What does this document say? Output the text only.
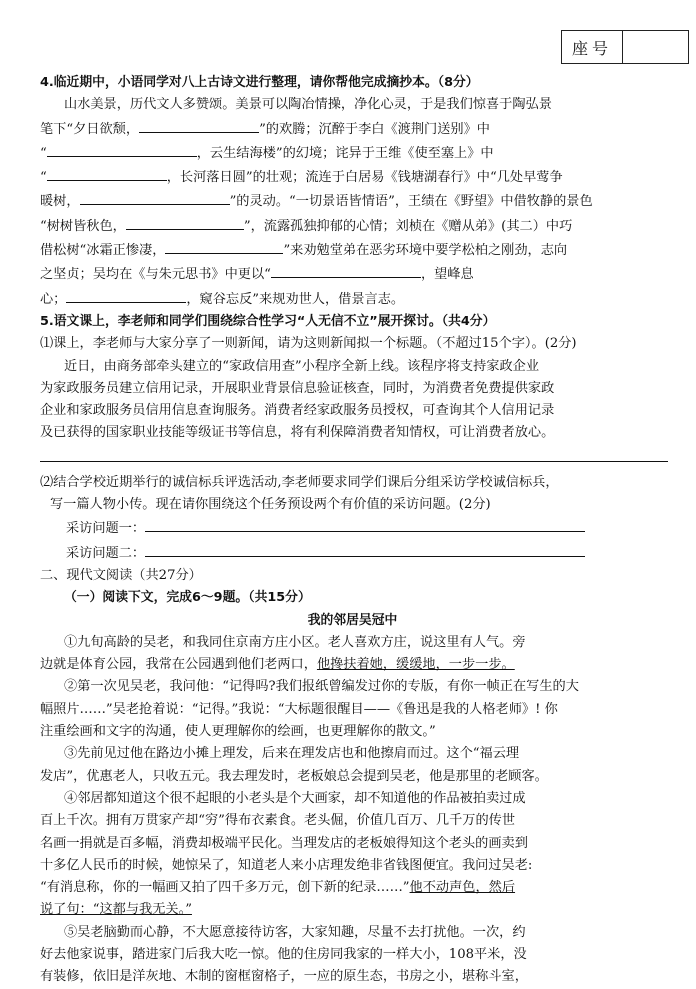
座号
4.临近期中，小语同学对八上古诗文进行整理，请你帮他完成摘抄本。（8分）
山水美景，历代文人多赞颂。美景可以陶冶情操，净化心灵，于是我们惊喜于陶弘景
笔下“夕日欲颓，	”的欢腾；沉醉于李白《渡荆门送别》中
“	，云生结海楼”的幻境；诧异于王维《使至塞上》中
“	，长河落日圆”的壮观；流连于白居易《钱塘湖春行》中“几处早莺争
暖树，	”的灵动。“一切景语皆情语”，王绩在《野望》中借牧静的景色
“树树皆秋色，	”，流露孤独抑郁的心情；刘桢在《赠从弟》(其二）中巧
借松树“冰霜正惨凄，	”来劝勉堂弟在恶劣环境中要学松柏之刚劲，志向
之坚贞；吴均在《与朱元思书》中更以“	，望峰息
心；	，窥谷忘反”来规劝世人，借景言志。
5.语文课上，李老师和同学们围绕综合性学习“人无信不立”展开探讨。（共4分）
⑴课上，李老师与大家分享了一则新闻，请为这则新闻拟一个标题。（不超过15个字）。(2分)
近日，由商务部牵头建立的“家政信用查”小程序全新上线。该程序将支持家政企业
为家政服务员建立信用记录，开展职业背景信息验证核查，同时，为消费者免费提供家政
企业和家政服务员信用信息查询服务。消费者经家政服务员授权，可查询其个人信用记录
及已获得的国家职业技能等级证书等信息，将有利保障消费者知情权，可让消费者放心。
⑵结合学校近期举行的诚信标兵评选活动,李老师要求同学们课后分组采访学校诚信标兵，
写一篇人物小传。现在请你围绕这个任务预设两个有价值的采访问题。(2分)
采访问题一：
采访问题二：
二、现代文阅读（共27分）
（一）阅读下文，完成6～9题。（共15分）
我的邻居吴冠中
①九旬高龄的吴老，和我同住京南方庄小区。老人喜欢方庄，说这里有人气。旁
边就是体育公园，我常在公园遇到他们老两口，他搀扶着她，缓缓地，一步一步。
②第一次见吴老，我问他：“记得吗?我们报纸曾编发过你的专版，有你一帧正在写生的大
幅照片……”吴老抢着说：“记得。”我说：“大标题很醒目——《鲁迅是我的人格老师》! 你
注重绘画和文字的沟通，使人更理解你的绘画，也更理解你的散文。”
③先前见过他在路边小摊上理发，后来在理发店也和他擦肩而过。这个“福云理
发店”，优惠老人，只收五元。我去理发时，老板娘总会提到吴老，他是那里的老顾客。
④邻居都知道这个很不起眼的小老头是个大画家，却不知道他的作品被拍卖过成
百上千次。拥有万贯家产却“穷”得布衣素食。老头倔，价值几百万、几千万的传世
名画一捐就是百多幅，消费却极端平民化。当理发店的老板娘得知这个老头的画卖到
十多亿人民币的时候，她惊呆了，知道老人来小店理发绝非省钱图便宜。我问过吴老:
“有消息称，你的一幅画又拍了四千多万元，创下新的纪录……”他不动声色，然后
说了句：“这都与我无关。”
⑤吴老脑勤而心静，不大愿意接待访客，大家知趣，尽量不去打扰他。一次，约
好去他家说事，踏进家门后我大吃一惊。他的住房同我家的一样大小，108平米，没
有装修，依旧是洋灰地、木制的窗框窗格子，一应的原生态，书房之小，堪称斗室，
